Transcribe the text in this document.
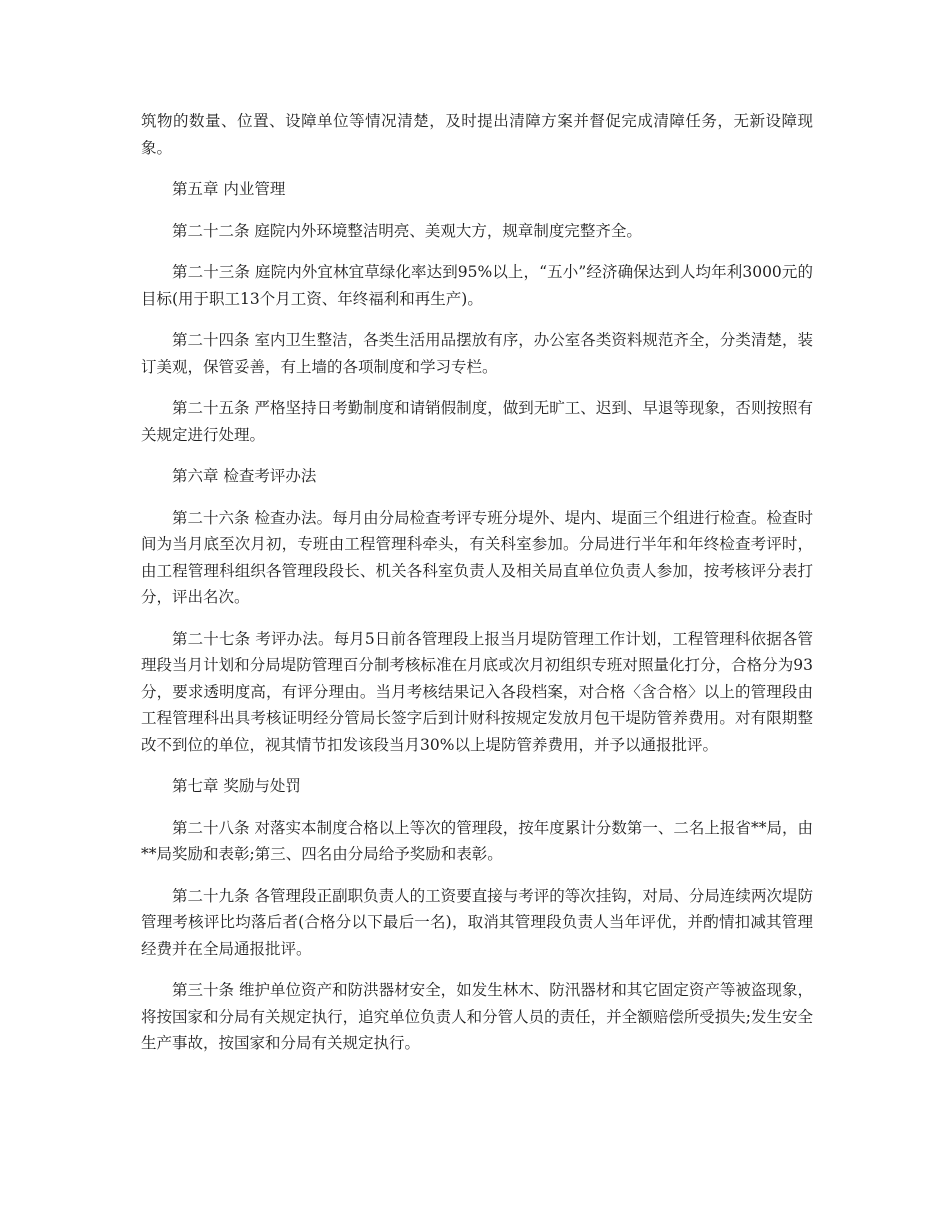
筑物的数量、位置、设障单位等情况清楚，及时提出清障方案并督促完成清障任务，无新设障现象。

第五章 内业管理

第二十二条 庭院内外环境整洁明亮、美观大方，规章制度完整齐全。

第二十三条 庭院内外宜林宜草绿化率达到95%以上，“五小”经济确保达到人均年利3000元的目标(用于职工13个月工资、年终福利和再生产)。

第二十四条 室内卫生整洁，各类生活用品摆放有序，办公室各类资料规范齐全，分类清楚，装订美观，保管妥善，有上墙的各项制度和学习专栏。

第二十五条 严格坚持日考勤制度和请销假制度，做到无旷工、迟到、早退等现象，否则按照有关规定进行处理。

第六章 检查考评办法

第二十六条 检查办法。每月由分局检查考评专班分堤外、堤内、堤面三个组进行检查。检查时间为当月底至次月初，专班由工程管理科牵头，有关科室参加。分局进行半年和年终检查考评时，由工程管理科组织各管理段段长、机关各科室负责人及相关局直单位负责人参加，按考核评分表打分，评出名次。

第二十七条 考评办法。每月5日前各管理段上报当月堤防管理工作计划，工程管理科依据各管理段当月计划和分局堤防管理百分制考核标准在月底或次月初组织专班对照量化打分，合格分为93分，要求透明度高，有评分理由。当月考核结果记入各段档案，对合格〈含合格〉以上的管理段由工程管理科出具考核证明经分管局长签字后到计财科按规定发放月包干堤防管养费用。对有限期整改不到位的单位，视其情节扣发该段当月30%以上堤防管养费用，并予以通报批评。

第七章 奖励与处罚

第二十八条 对落实本制度合格以上等次的管理段，按年度累计分数第一、二名上报省**局，由**局奖励和表彰;第三、四名由分局给予奖励和表彰。

第二十九条 各管理段正副职负责人的工资要直接与考评的等次挂钩，对局、分局连续两次堤防管理考核评比均落后者(合格分以下最后一名)，取消其管理段负责人当年评优，并酌情扣减其管理经费并在全局通报批评。

第三十条 维护单位资产和防洪器材安全，如发生林木、防汛器材和其它固定资产等被盗现象，将按国家和分局有关规定执行，追究单位负责人和分管人员的责任，并全额赔偿所受损失;发生安全生产事故，按国家和分局有关规定执行。
